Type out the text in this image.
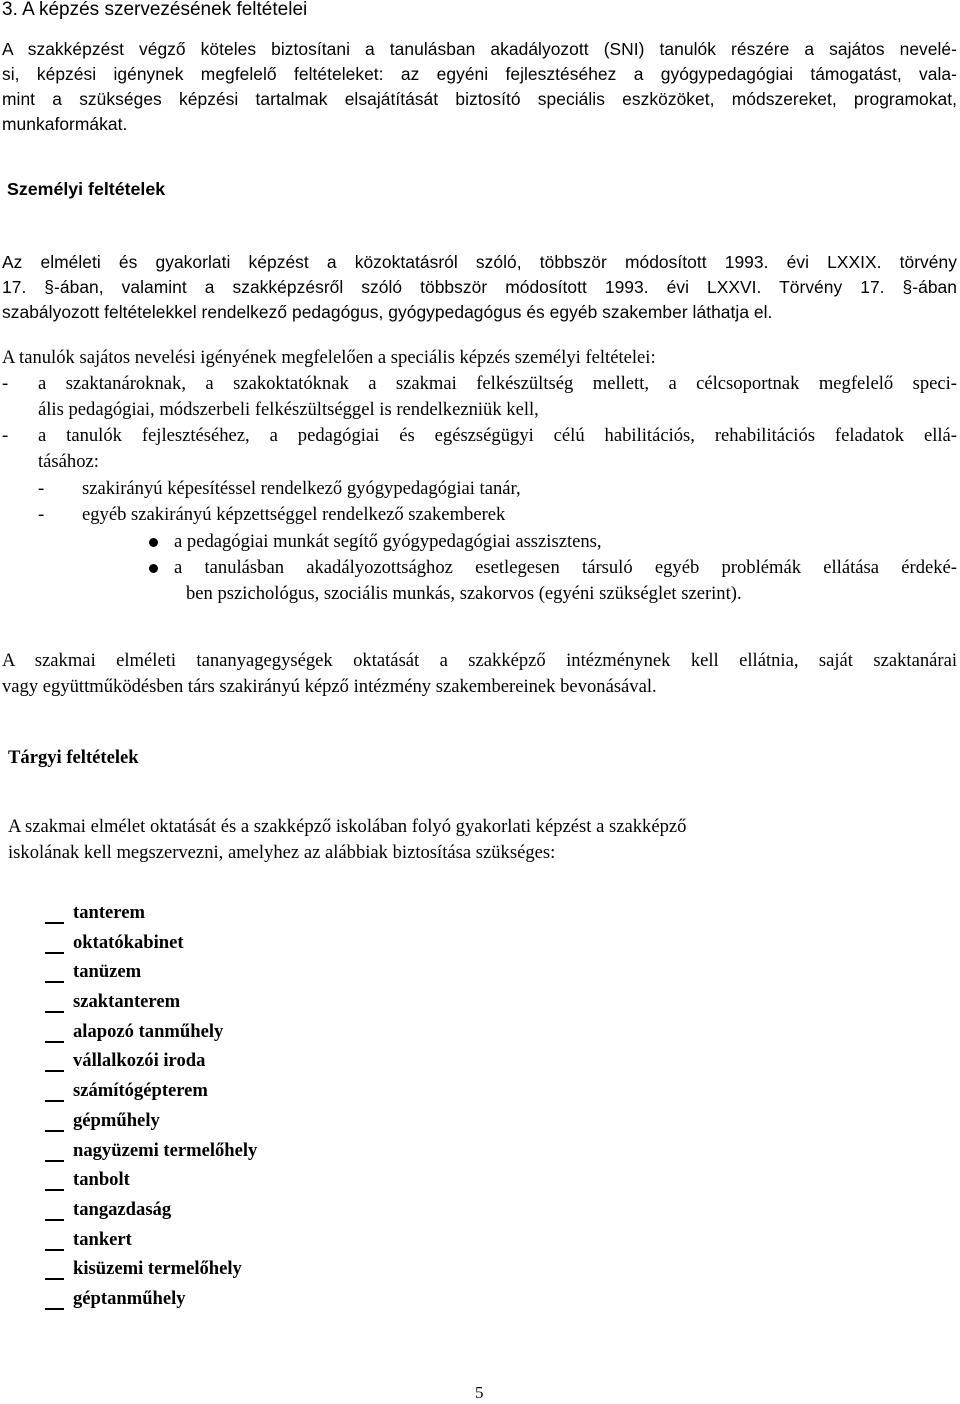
3. A képzés szervezésének feltételei
A szakképzést végző köteles biztosítani a tanulásban akadályozott (SNI) tanulók részére a sajátos nevelé-
si, képzési igénynek megfelelő feltételeket: az egyéni fejlesztéséhez a gyógypedagógiai támogatást, vala-
mint a szükséges képzési tartalmak elsajátítását biztosító speciális eszközöket, módszereket, programokat,
munkaformákat.
Személyi feltételek
Az elméleti és gyakorlati képzést a közoktatásról szóló, többször módosított 1993. évi LXXIX. törvény
17. §-ában, valamint a szakképzésről szóló többször módosított 1993. évi LXXVI. Törvény 17. §-ában
szabályozott feltételekkel rendelkező pedagógus, gyógypedagógus és egyéb szakember láthatja el.
A tanulók sajátos nevelési igényének megfelelően a speciális képzés személyi feltételei:
- a szaktanároknak, a szakoktatóknak a szakmai felkészültség mellett, a célcsoportnak megfelelő speci-
ális pedagógiai, módszerbeli felkészültséggel is rendelkezniük kell,
- a tanulók fejlesztéséhez, a pedagógiai és egészségügyi célú habilitációs, rehabilitációs feladatok ellá-
tásához:
- szakirányú képesítéssel rendelkező gyógypedagógiai tanár,
- egyéb szakirányú képzettséggel rendelkező szakemberek
a pedagógiai munkát segítő gyógypedagógiai asszisztens,
a tanulásban akadályozottsághoz esetlegesen társuló egyéb problémák ellátása érdeké-
ben pszichológus, szociális munkás, szakorvos (egyéni szükséglet szerint).
A szakmai elméleti tananyagegységek oktatását a szakképző intézménynek kell ellátnia, saját szaktanárai
vagy együttműködésben társ szakirányú képző intézmény szakembereinek bevonásával.
Tárgyi feltételek
A szakmai elmélet oktatását és a szakképző iskolában folyó gyakorlati képzést a szakképző
iskolának kell megszervezni, amelyhez az alábbiak biztosítása szükséges:
tanterem
oktatókabinet
tanüzem
szaktanterem
alapozó tanműhely
vállalkozói iroda
számítógépterem
gépműhely
nagyüzemi termelőhely
tanbolt
tangazdaság
tankert
kisüzemi termelőhely
géptanműhely
5
